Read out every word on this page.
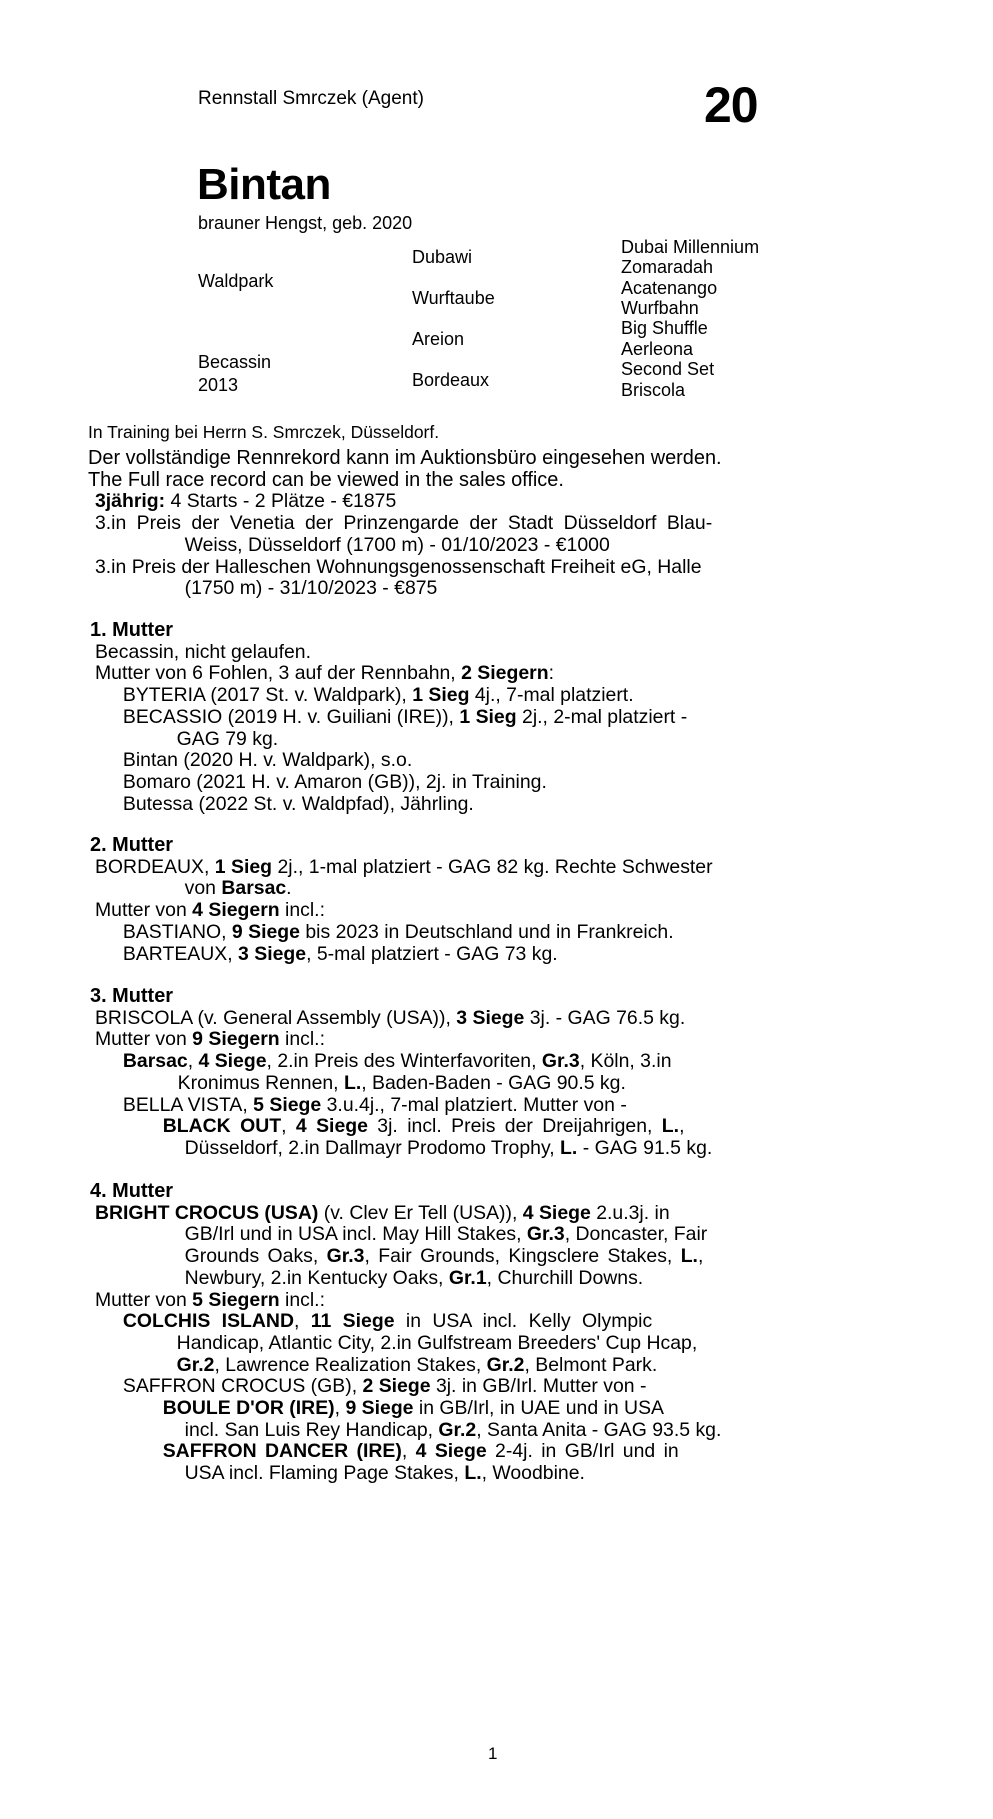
Rennstall Smrczek (Agent)	20
Bintan
brauner Hengst, geb. 2020
Waldpark
Becassin
2013
Dubawi
Wurftaube
Areion
Bordeaux
Dubai Millennium
Zomaradah
Acatenango
Wurfbahn
Big Shuffle
Aerleona
Second Set
Briscola
In Training bei Herrn S. Smrczek, Düsseldorf.
Der vollständige Rennrekord kann im Auktionsbüro eingesehen werden.
The Full race record can be viewed in the sales office.
3jährig: 4 Starts - 2 Plätze - €1875
3.in Preis der Venetia der Prinzengarde der Stadt Düsseldorf Blau-
Weiss, Düsseldorf (1700 m) - 01/10/2023 - €1000
3.in Preis der Halleschen Wohnungsgenossenschaft Freiheit eG, Halle
(1750 m) - 31/10/2023 - €875
1. Mutter
Becassin, nicht gelaufen.
Mutter von 6 Fohlen, 3 auf der Rennbahn, 2 Siegern:
BYTERIA (2017 St. v. Waldpark), 1 Sieg 4j., 7-mal platziert.
BECASSIO (2019 H. v. Guiliani (IRE)), 1 Sieg 2j., 2-mal platziert -
GAG 79 kg.
Bintan (2020 H. v. Waldpark), s.o.
Bomaro (2021 H. v. Amaron (GB)), 2j. in Training.
Butessa (2022 St. v. Waldpfad), Jährling.
2. Mutter
BORDEAUX, 1 Sieg 2j., 1-mal platziert - GAG 82 kg. Rechte Schwester
von Barsac.
Mutter von 4 Siegern incl.:
BASTIANO, 9 Siege bis 2023 in Deutschland und in Frankreich.
BARTEAUX, 3 Siege, 5-mal platziert - GAG 73 kg.
3. Mutter
BRISCOLA (v. General Assembly (USA)), 3 Siege 3j. - GAG 76.5 kg.
Mutter von 9 Siegern incl.:
Barsac, 4 Siege, 2.in Preis des Winterfavoriten, Gr.3, Köln, 3.in
Kronimus Rennen, L., Baden-Baden - GAG 90.5 kg.
BELLA VISTA, 5 Siege 3.u.4j., 7-mal platziert. Mutter von -
BLACK OUT, 4 Siege 3j. incl. Preis der Dreijahrigen, L.,
Düsseldorf, 2.in Dallmayr Prodomo Trophy, L. - GAG 91.5 kg.
4. Mutter
BRIGHT CROCUS (USA) (v. Clev Er Tell (USA)), 4 Siege 2.u.3j. in
GB/Irl und in USA incl. May Hill Stakes, Gr.3, Doncaster, Fair
Grounds Oaks, Gr.3, Fair Grounds, Kingsclere Stakes, L.,
Newbury, 2.in Kentucky Oaks, Gr.1, Churchill Downs.
Mutter von 5 Siegern incl.:
COLCHIS ISLAND, 11 Siege in USA incl. Kelly Olympic
Handicap, Atlantic City, 2.in Gulfstream Breeders' Cup Hcap,
Gr.2, Lawrence Realization Stakes, Gr.2, Belmont Park.
SAFFRON CROCUS (GB), 2 Siege 3j. in GB/Irl. Mutter von -
BOULE D'OR (IRE), 9 Siege in GB/Irl, in UAE und in USA
incl. San Luis Rey Handicap, Gr.2, Santa Anita - GAG 93.5 kg.
SAFFRON DANCER (IRE), 4 Siege 2-4j. in GB/Irl und in
USA incl. Flaming Page Stakes, L., Woodbine.
1
